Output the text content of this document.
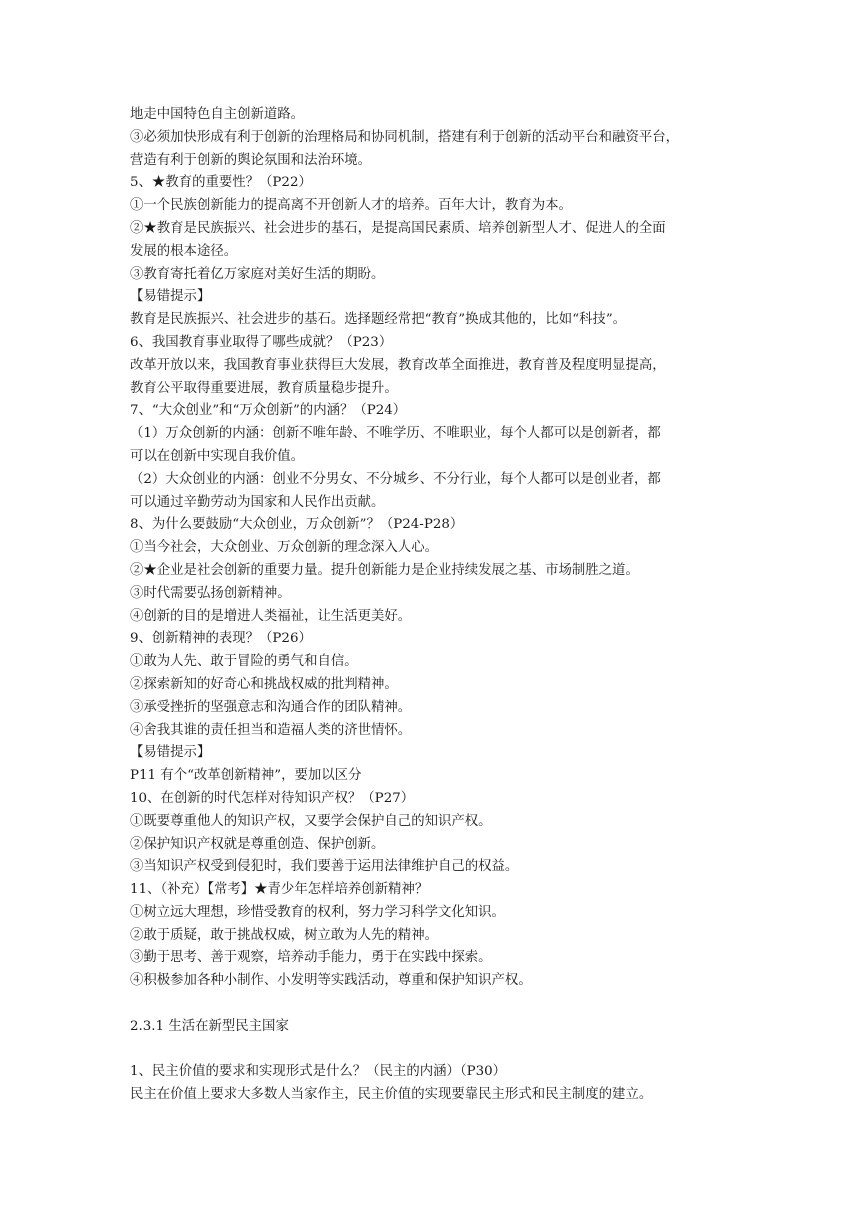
地走中国特色自主创新道路。
③必须加快形成有利于创新的治理格局和协同机制，搭建有利于创新的活动平台和融资平台，
营造有利于创新的舆论氛围和法治环境。
5、★教育的重要性？（P22）
①一个民族创新能力的提高离不开创新人才的培养。百年大计，教育为本。
②★教育是民族振兴、社会进步的基石，是提高国民素质、培养创新型人才、促进人的全面
发展的根本途径。
③教育寄托着亿万家庭对美好生活的期盼。
【易错提示】
教育是民族振兴、社会进步的基石。选择题经常把“教育”换成其他的，比如“科技”。
6、我国教育事业取得了哪些成就？（P23）
改革开放以来，我国教育事业获得巨大发展，教育改革全面推进，教育普及程度明显提高，
教育公平取得重要进展，教育质量稳步提升。
7、“大众创业”和“万众创新”的内涵？（P24）
（1）万众创新的内涵：创新不唯年龄、不唯学历、不唯职业，每个人都可以是创新者，都
可以在创新中实现自我价值。
（2）大众创业的内涵：创业不分男女、不分城乡、不分行业，每个人都可以是创业者，都
可以通过辛勤劳动为国家和人民作出贡献。
8、为什么要鼓励“大众创业，万众创新”？（P24-P28）
①当今社会，大众创业、万众创新的理念深入人心。
②★企业是社会创新的重要力量。提升创新能力是企业持续发展之基、市场制胜之道。
③时代需要弘扬创新精神。
④创新的目的是增进人类福祉，让生活更美好。
9、创新精神的表现？（P26）
①敢为人先、敢于冒险的勇气和自信。
②探索新知的好奇心和挑战权威的批判精神。
③承受挫折的坚强意志和沟通合作的团队精神。
④舍我其谁的责任担当和造福人类的济世情怀。
【易错提示】
P11 有个“改革创新精神”，要加以区分
10、在创新的时代怎样对待知识产权？（P27）
①既要尊重他人的知识产权，又要学会保护自己的知识产权。
②保护知识产权就是尊重创造、保护创新。
③当知识产权受到侵犯时，我们要善于运用法律维护自己的权益。
11、（补充）【常考】★青少年怎样培养创新精神？
①树立远大理想，珍惜受教育的权利，努力学习科学文化知识。
②敢于质疑，敢于挑战权威，树立敢为人先的精神。
③勤于思考、善于观察，培养动手能力，勇于在实践中探索。
④积极参加各种小制作、小发明等实践活动，尊重和保护知识产权。
2.3.1 生活在新型民主国家
1、民主价值的要求和实现形式是什么？（民主的内涵）（P30）
民主在价值上要求大多数人当家作主，民主价值的实现要靠民主形式和民主制度的建立。
